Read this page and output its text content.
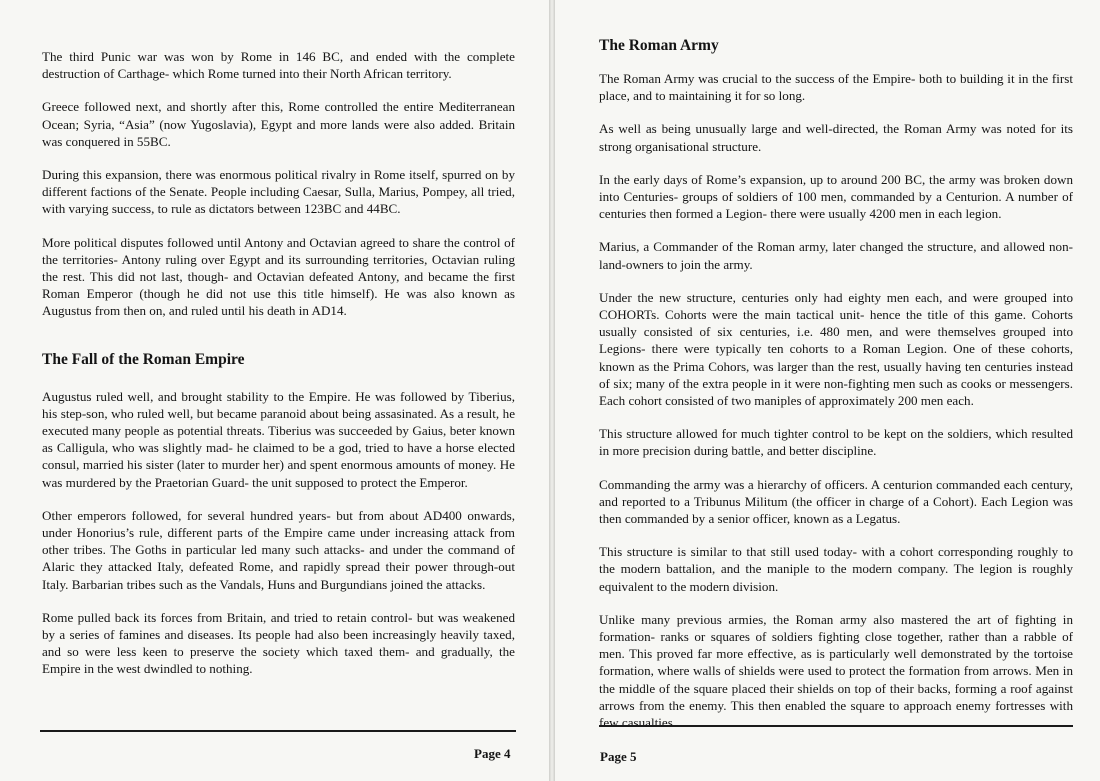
The third Punic war was won by Rome in 146 BC, and ended with the complete destruction of Carthage- which Rome turned into their North African territory.

Greece followed next, and shortly after this, Rome controlled the entire Mediterranean Ocean; Syria, “Asia” (now Yugoslavia), Egypt and more lands were also added. Britain was conquered in 55BC.

During this expansion, there was enormous political rivalry in Rome itself, spurred on by different factions of the Senate. People including Caesar, Sulla, Marius, Pompey, all tried, with varying success, to rule as dictators between 123BC and 44BC.

More political disputes followed until Antony and Octavian agreed to share the control of the territories- Antony ruling over Egypt and its surrounding territories, Octavian ruling the rest. This did not last, though- and Octavian defeated Antony, and became the first Roman Emperor (though he did not use this title himself). He was also known as Augustus from then on, and ruled until his death in AD14.

The Fall of the Roman Empire

Augustus ruled well, and brought stability to the Empire. He was followed by Tiberius, his step-son, who ruled well, but became paranoid about being assasinated. As a result, he executed many people as potential threats. Tiberius was succeeded by Gaius, beter known as Calligula, who was slightly mad- he claimed to be a god, tried to have a horse elected consul, married his sister (later to murder her) and spent enormous amounts of money. He was murdered by the Praetorian Guard- the unit supposed to protect the Emperor.

Other emperors followed, for several hundred years- but from about AD400 onwards, under Honorius’s rule, different parts of the Empire came under increasing attack from other tribes. The Goths in particular led many such attacks- and under the command of Alaric they attacked Italy, defeated Rome, and rapidly spread their power through-out Italy. Barbarian tribes such as the Vandals, Huns and Burgundians joined the attacks.

Rome pulled back its forces from Britain, and tried to retain control- but was weakened by a series of famines and diseases. Its people had also been increasingly heavily taxed, and so were less keen to preserve the society which taxed them- and gradually, the Empire in the west dwindled to nothing.

Page 4
The Roman Army

The Roman Army was crucial to the success of the Empire- both to building it in the first place, and to maintaining it for so long.

As well as being unusually large and well-directed, the Roman Army was noted for its strong organisational structure.

In the early days of Rome’s expansion, up to around 200 BC, the army was broken down into Centuries- groups of soldiers of 100 men, commanded by a Centurion. A number of centuries then formed a Legion- there were usually 4200 men in each legion.

Marius, a Commander of the Roman army, later changed the structure, and allowed non-land-owners to join the army.

Under the new structure, centuries only had eighty men each, and were grouped into COHORTs. Cohorts were the main tactical unit- hence the title of this game. Cohorts usually consisted of six centuries, i.e. 480 men, and were themselves grouped into Legions- there were typically ten cohorts to a Roman Legion. One of these cohorts, known as the Prima Cohors, was larger than the rest, usually having ten centuries instead of six; many of the extra people in it were non-fighting men such as cooks or messengers. Each cohort consisted of two maniples of approximately 200 men each.

This structure allowed for much tighter control to be kept on the soldiers, which resulted in more precision during battle, and better discipline.

Commanding the army was a hierarchy of officers. A centurion commanded each century, and reported to a Tribunus Militum (the officer in charge of a Cohort). Each Legion was then commanded by a senior officer, known as a Legatus.

This structure is similar to that still used today- with a cohort corresponding roughly to the modern battalion, and the maniple to the modern company. The legion is roughly equivalent to the modern division.

Unlike many previous armies, the Roman army also mastered the art of fighting in formation- ranks or squares of soldiers fighting close together, rather than a rabble of men. This proved far more effective, as is particularly well demonstrated by the tortoise formation, where walls of shields were used to protect the formation from arrows. Men in the middle of the square placed their shields on top of their backs, forming a roof against arrows from the enemy. This then enabled the square to approach enemy fortresses with few casualties.

Page 5
